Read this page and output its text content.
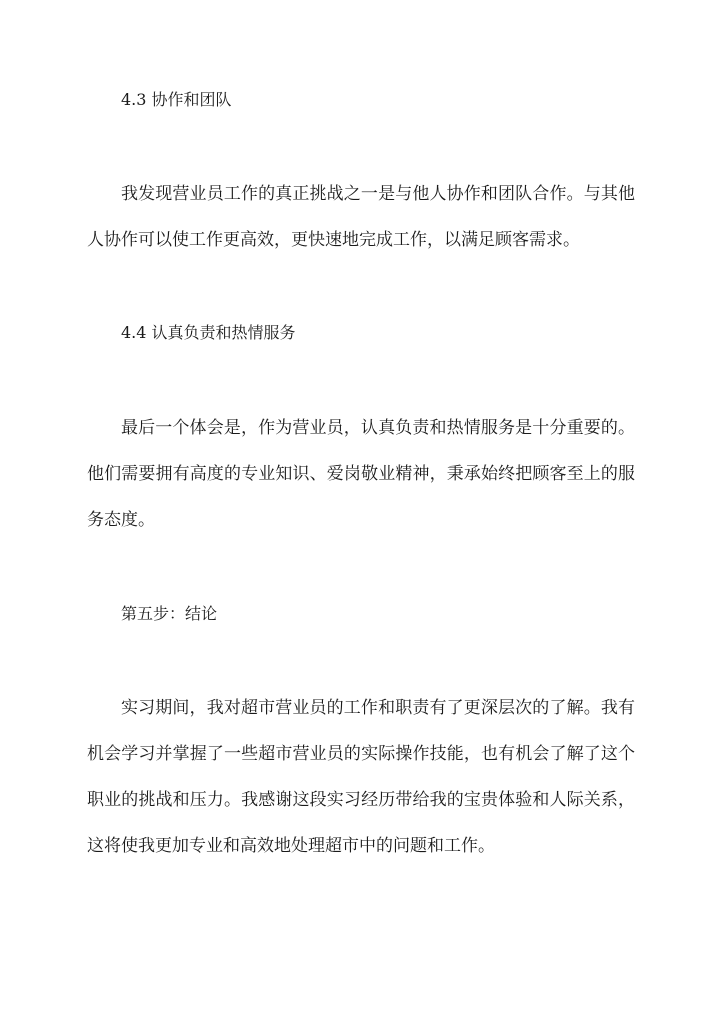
4.3 协作和团队

我发现营业员工作的真正挑战之一是与他人协作和团队合作。与其他人协作可以使工作更高效，更快速地完成工作，以满足顾客需求。

4.4 认真负责和热情服务

最后一个体会是，作为营业员，认真负责和热情服务是十分重要的。他们需要拥有高度的专业知识、爱岗敬业精神，秉承始终把顾客至上的服务态度。

第五步：结论

实习期间，我对超市营业员的工作和职责有了更深层次的了解。我有机会学习并掌握了一些超市营业员的实际操作技能，也有机会了解了这个职业的挑战和压力。我感谢这段实习经历带给我的宝贵体验和人际关系，这将使我更加专业和高效地处理超市中的问题和工作。
